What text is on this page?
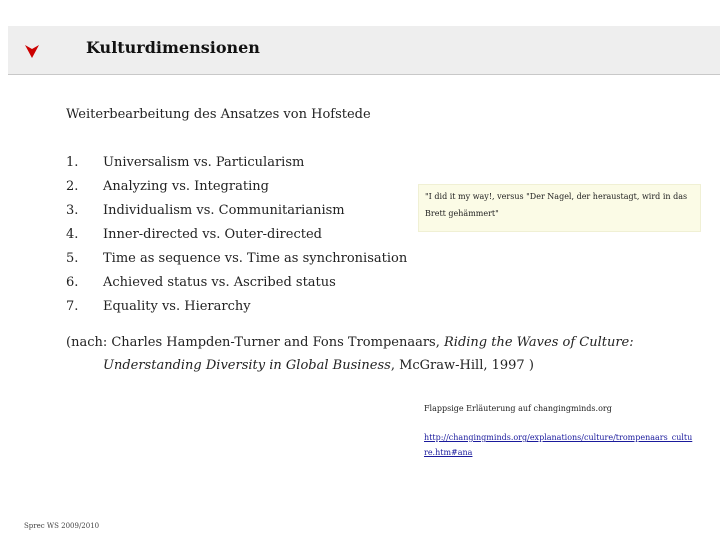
Kulturdimensionen
Weiterbearbeitung des Ansatzes von Hofstede
1. Universalism vs. Particularism
2. Analyzing vs. Integrating
3. Individualism vs. Communitarianism
4. Inner-directed vs. Outer-directed
5. Time as sequence vs. Time as synchronisation
6. Achieved status vs. Ascribed status
7. Equality vs. Hierarchy
"I did it my way!, versus "Der Nagel, der heraustagt, wird in das Brett gehämmert"
(nach: Charles Hampden-Turner and Fons Trompenaars, Riding the Waves of Culture:
Understanding Diversity in Global Business, McGraw-Hill, 1997 )
Flappsige Erläuterung auf changingminds.org
http://changingminds.org/explanations/culture/trompenaars_culture.htm#ana
Sprec WS 2009/2010
